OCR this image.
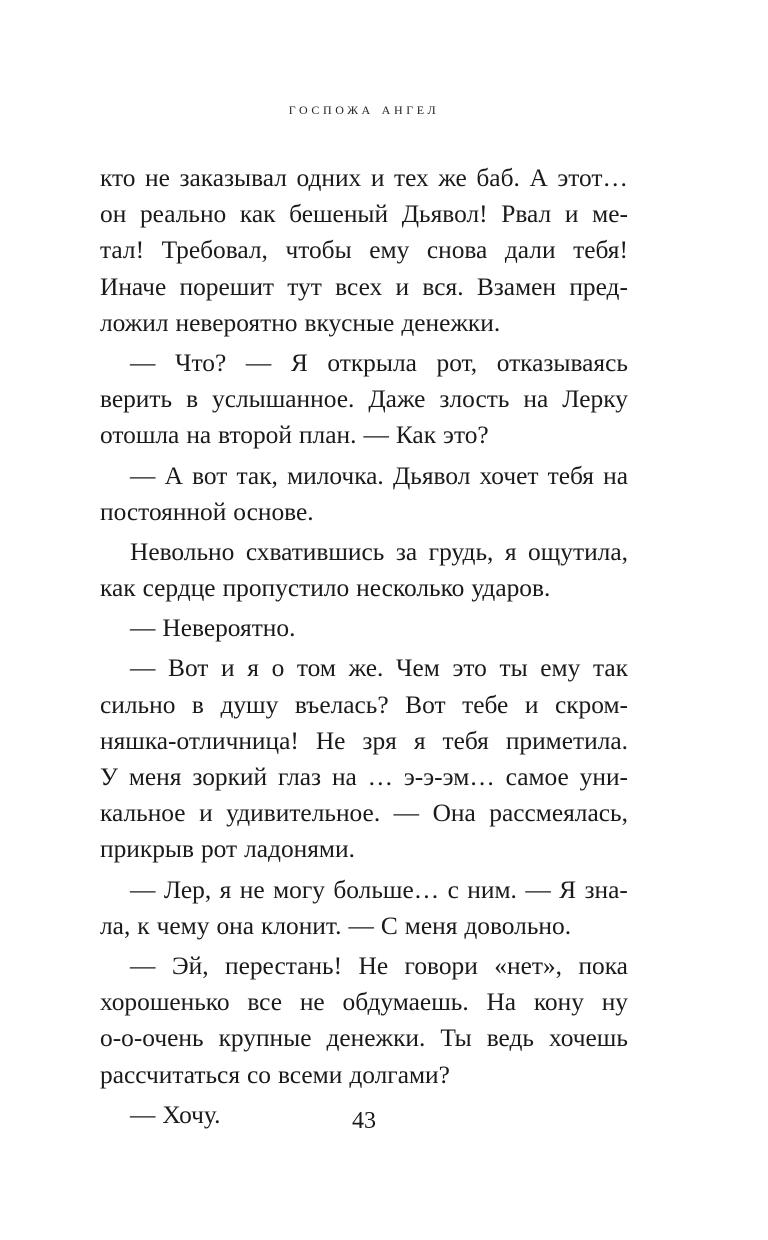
госпожа ангел
кто не заказывал одних и тех же баб. А этот…
он реально как бешеный Дьявол! Рвал и ме-
тал! Требовал, чтобы ему снова дали тебя!
Иначе порешит тут всех и вся. Взамен пред-
ложил невероятно вкусные денежки.
— Что? — Я открыла рот, отказываясь
верить в услышанное. Даже злость на Лерку
отошла на второй план. — Как это?
— А вот так, милочка. Дьявол хочет тебя на
постоянной основе.
Невольно схватившись за грудь, я ощутила,
как сердце пропустило несколько ударов.
— Невероятно.
— Вот и я о том же. Чем это ты ему так
сильно в душу въелась? Вот тебе и скром-
няшка-отличница! Не зря я тебя приметила.
У меня зоркий глаз на … э-э-эм… самое уни-
кальное и удивительное. — Она рассмеялась,
прикрыв рот ладонями.
— Лер, я не могу больше… с ним. — Я зна-
ла, к чему она клонит. — С меня довольно.
— Эй, перестань! Не говори «нет», пока
хорошенько все не обдумаешь. На кону ну
о-о-очень крупные денежки. Ты ведь хочешь
рассчитаться со всеми долгами?
— Хочу.	43
